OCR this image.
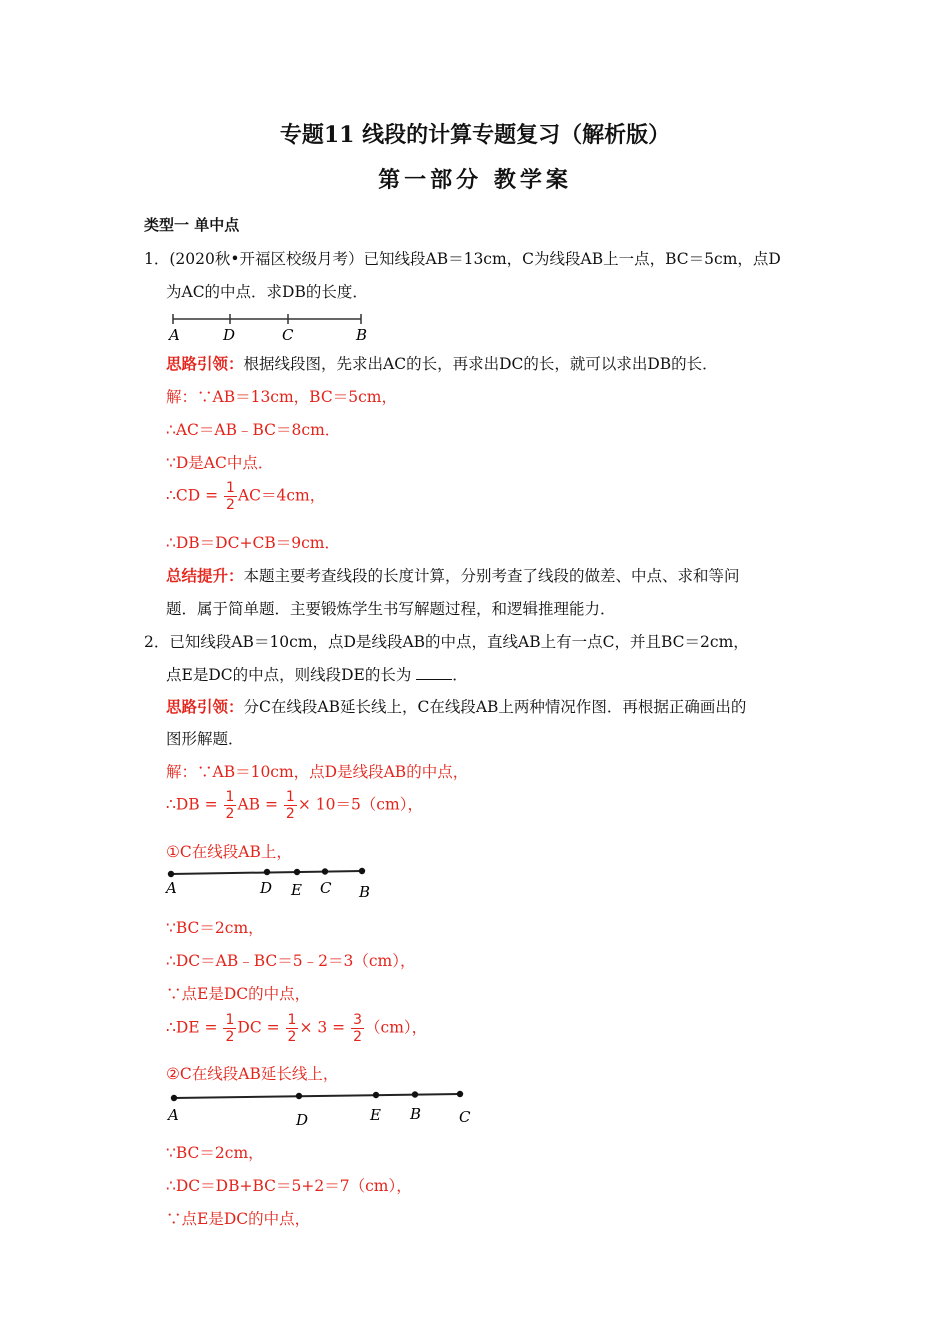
专题11 线段的计算专题复习（解析版）
第一部分 教学案
类型一 单中点
1．(2020秋•开福区校级月考）已知线段AB＝13cm，C为线段AB上一点，BC＝5cm，点D
为AC的中点．求DB的长度．
A	D	C	B
思路引领：根据线段图，先求出AC的长，再求出DC的长，就可以求出DB的长．
解：∵AB＝13cm，BC＝5cm，
∴AC＝AB﹣BC＝8cm．
∵D是AC中点．
∴CD = $\frac{1}{2} AC=4cm$，
∴DB＝DC+CB＝9cm．
总结提升：本题主要考查线段的长度计算，分别考查了线段的做差、中点、求和等问
题．属于简单题．主要锻炼学生书写解题过程，和逻辑推理能力．
2．已知线段AB＝10cm，点D是线段AB的中点，直线AB上有一点C，并且BC＝2cm，
点E是DC的中点，则线段DE的长为	．
思路引领：分C在线段AB延长线上，C在线段AB上两种情况作图．再根据正确画出的
图形解题．
解：∵AB＝10cm，点D是线段AB的中点，
∴DB = $\frac{1}{2}$ AB = $\frac{1}{2} \times 10=5(cm)$，
①C在线段AB上，
A	D E C B
∵BC＝2cm，
∴DC＝AB﹣BC＝5﹣2＝3（cm），
∵点E是DC的中点，
∴DE = $\frac{1}{2}$ DC = $\frac{1}{2} \times 3 = \frac{3}{2} (cm)$，
②C在线段AB延长线上，
A	D	E B	C
∵BC＝2cm，
∴DC＝DB+BC＝5+2＝7（cm），
∵点E是DC的中点，
